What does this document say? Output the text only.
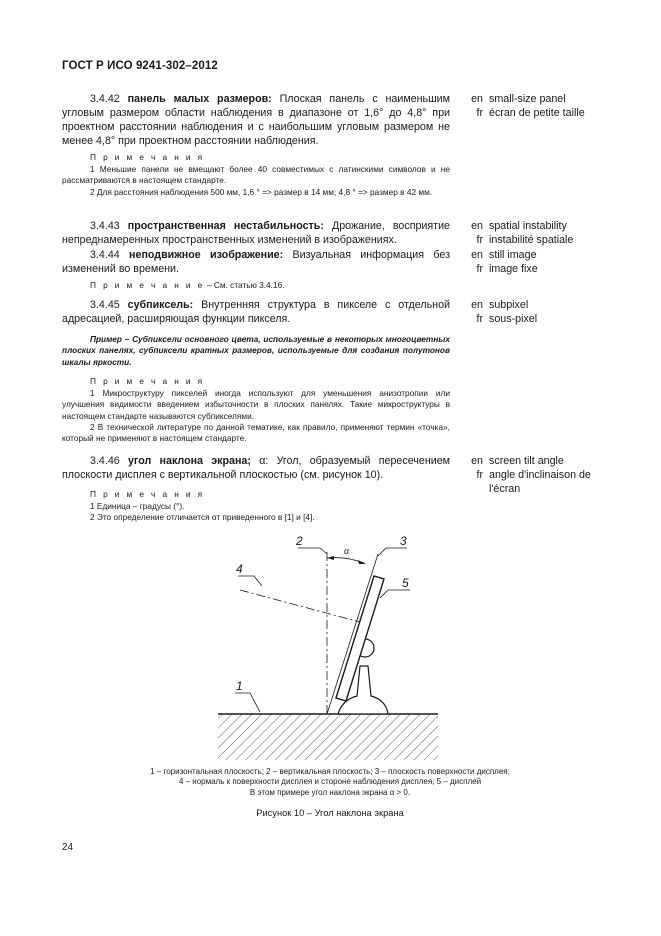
ГОСТ Р ИСО 9241-302–2012
3.4.42 панель малых размеров: Плоская панель с наименьшим угловым размером области наблюдения в диапазоне от 1,6° до 4,8° при проектном расстоянии наблюдения и с наибольшим угловым размером не менее 4,8° при проектном расстоянии наблюдения.
П р и м е ч а н и я
1 Меньшие панели не вмещают более 40 совместимых с латинскими символов и не рассматриваются в настоящем стандарте.
2 Для расстояния наблюдения 500 мм, 1,6 ° => размер в 14 мм; 4,8 ° => размер в 42 мм.
en small-size panel
fr écran de petite taille
3.4.43 пространственная нестабильность: Дрожание, восприятие непреднамеренных пространственных изменений в изображениях.
en spatial instability
fr instabilité spatiale
3.4.44 неподвижное изображение: Визуальная информация без изменений во времени.
П р и м е ч а н и е – См. статью 3.4.16.
en still image
fr image fixe
3.4.45 субпиксель: Внутренняя структура в пикселе с отдельной адресацией, расширяющая функции пикселя.
Пример – Субпиксели основного цвета, используемые в некоторых многоцветных плоских панелях, субпиксели кратных размеров, используемые для создания полутонов шкалы яркости.
П р и м е ч а н и я
1 Микроструктуру пикселей иногда используют для уменьшения анизотропии или улучшения видимости введением избыточности в плоских панелях. Такие микроструктуры в настоящем стандарте называются субпикселями.
2 В технической литературе по данной тематике, как правило, применяют термин «точка», который не применяют в настоящем стандарте.
en subpixel
fr sous-pixel
3.4.46 угол наклона экрана; α: Угол, образуемый пересечением плоскости дисплея с вертикальной плоскостью (см. рисунок 10).
П р и м е ч а н и я
1 Единица – градусы (°).
2 Это определение отличается от приведенного в [1] и [4].
en screen tilt angle
fr angle d'inclinaison de l'écran
2	3
α
4
5
1
1 – горизонтальная плоскость; 2 – вертикальная плоскость; 3 – плоскость поверхности дисплея;
4 – нормаль к поверхности дисплея и стороне наблюдения дисплея; 5 – дисплей
В этом примере угол наклона экрана α > 0.
Рисунок 10 – Угол наклона экрана
24
